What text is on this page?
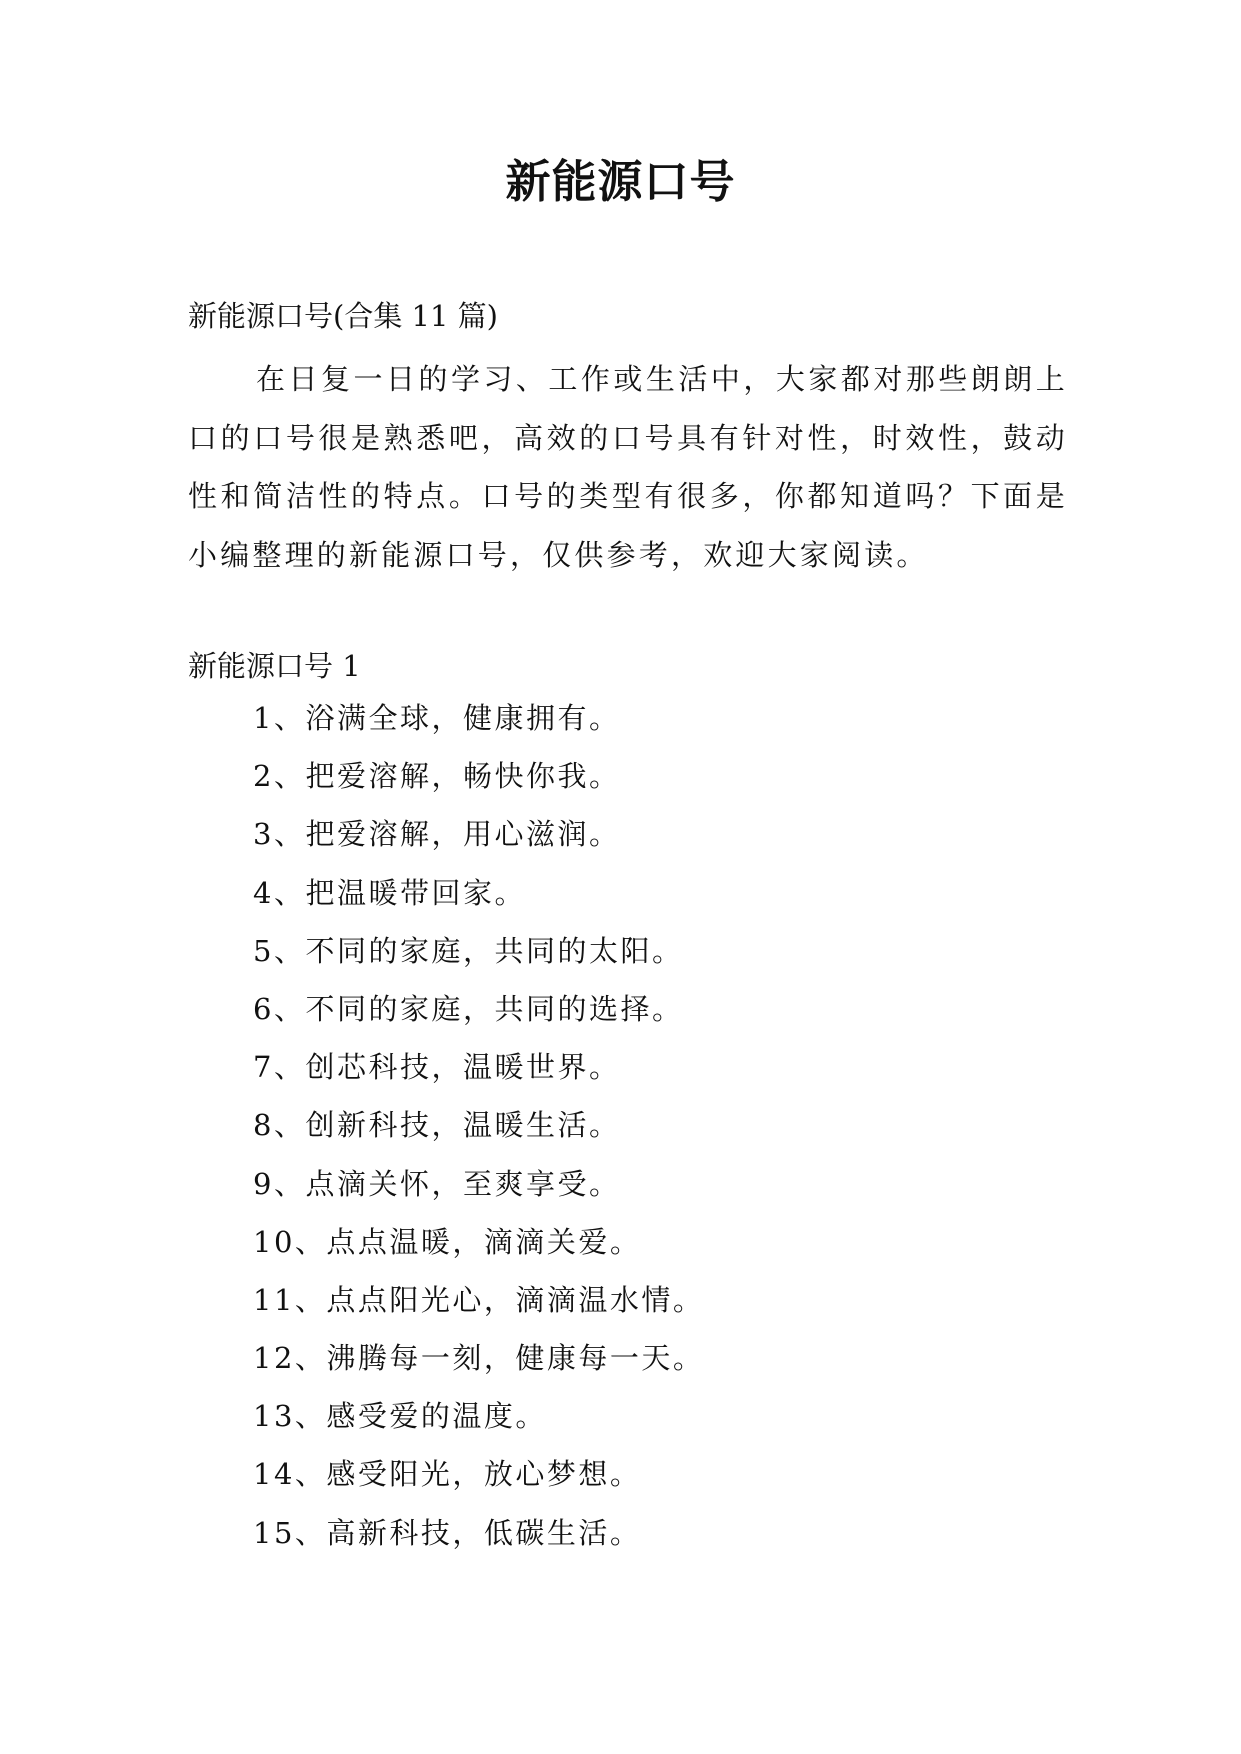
新能源口号
新能源口号(合集 11 篇)

在日复一日的学习、工作或生活中，大家都对那些朗朗上口的口号很是熟悉吧，高效的口号具有针对性，时效性，鼓动性和简洁性的特点。口号的类型有很多，你都知道吗？下面是小编整理的新能源口号，仅供参考，欢迎大家阅读。

新能源口号 1
1、浴满全球，健康拥有。
2、把爱溶解，畅快你我。
3、把爱溶解，用心滋润。
4、把温暖带回家。
5、不同的家庭，共同的太阳。
6、不同的家庭，共同的选择。
7、创芯科技，温暖世界。
8、创新科技，温暖生活。
9、点滴关怀，至爽享受。
10、点点温暖，滴滴关爱。
11、点点阳光心，滴滴温水情。
12、沸腾每一刻，健康每一天。
13、感受爱的温度。
14、感受阳光，放心梦想。
15、高新科技，低碳生活。
